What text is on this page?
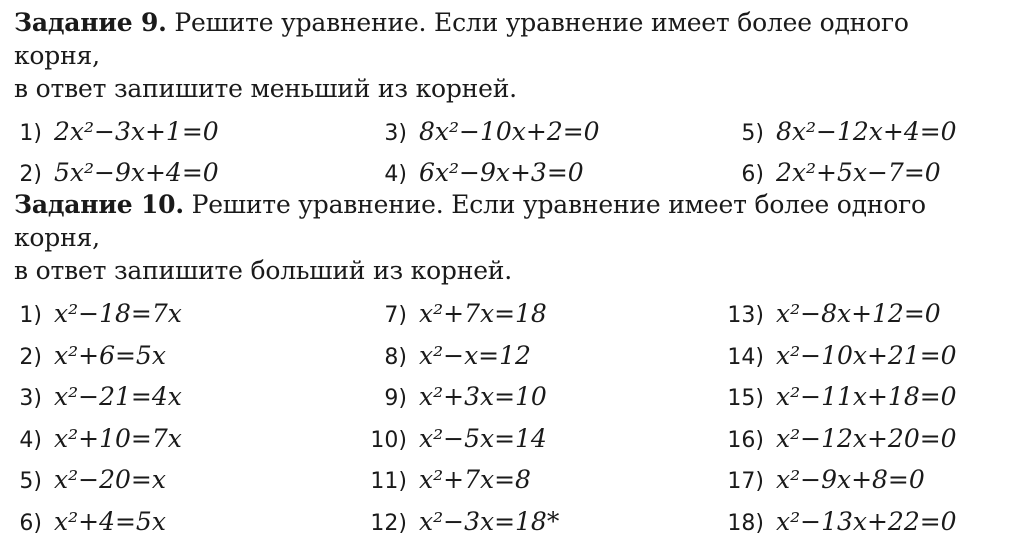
Задание 9. Решите уравнение. Если уравнение имеет более одного корня,

в ответ запишите меньший из корней.

1) 2x²−3x+1=0
2) 5x²−9x+4=0
3) 8x²−10x+2=0
4) 6x²−9x+3=0
5) 8x²−12x+4=0
6) 2x²+5x−7=0

Задание 10. Решите уравнение. Если уравнение имеет более одного корня,

в ответ запишите больший из корней.

1) x²−18=7x
2) x²+6=5x
3) x²−21=4x
4) x²+10=7x
5) x²−20=x
6) x²+4=5x
7) x²+7x=18
8) x²−x=12
9) x²+3x=10
10) x²−5x=14
11) x²+7x=8
12) x²−3x=18*
13) x²−8x+12=0
14) x²−10x+21=0
15) x²−11x+18=0
16) x²−12x+20=0
17) x²−9x+8=0
18) x²−13x+22=0
